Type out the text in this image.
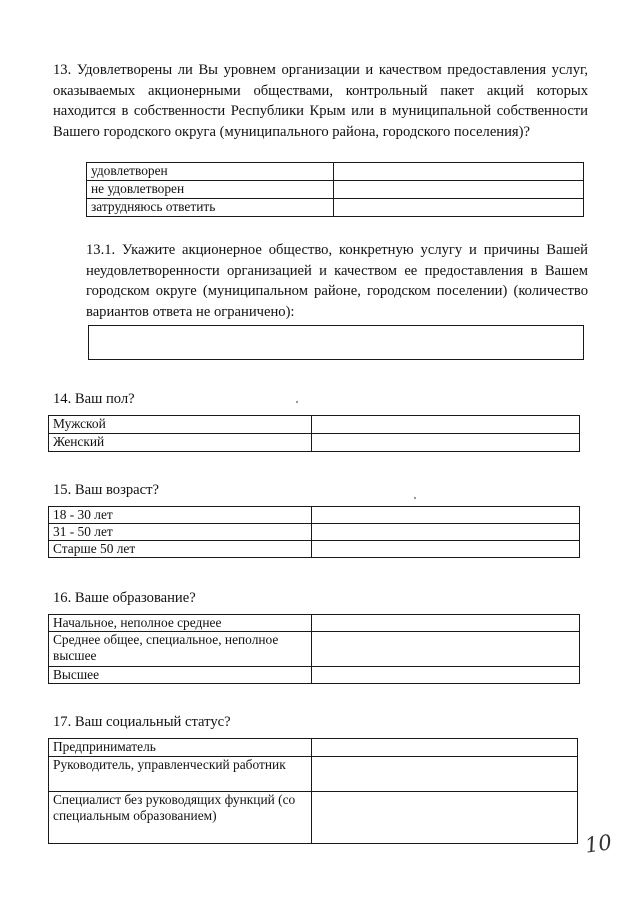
13. Удовлетворены ли Вы уровнем организации и качеством предоставления услуг, оказываемых акционерными обществами, контрольный пакет акций которых находится в собственности Республики Крым или в муниципальной собственности Вашего городского округа (муниципального района, городского поселения)?
удовлетворен	
не удовлетворен	
затрудняюсь ответить	
13.1. Укажите акционерное общество, конкретную услугу и причины Вашей неудовлетворенности организацией и качеством ее предоставления в Вашем городском округе (муниципальном районе, городском поселении) (количество вариантов ответа не ограничено):
14. Ваш пол?
Мужской	
Женский	
15. Ваш возраст?
18 - 30 лет	
31 - 50 лет	
Старше 50 лет	
16. Ваше образование?
Начальное, неполное среднее	
Среднее общее, специальное, неполное высшее	
Высшее	
17. Ваш социальный статус?
Предприниматель	
Руководитель, управленческий работник	
Специалист без руководящих функций (со специальным образованием)	
10
